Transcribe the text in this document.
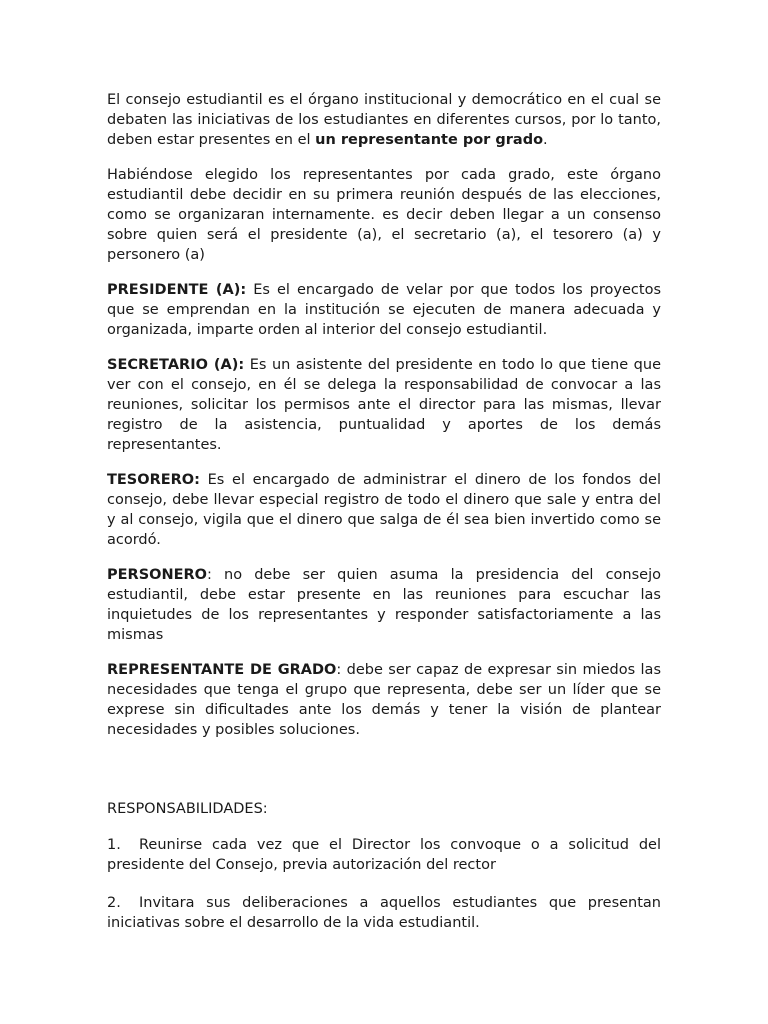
El consejo estudiantil es el órgano institucional y democrático en el cual se debaten las iniciativas de los estudiantes en diferentes cursos, por lo tanto, deben estar presentes en el un representante por grado.

Habiéndose elegido los representantes por cada grado, este órgano estudiantil debe decidir en su primera reunión después de las elecciones, como se organizaran internamente. es decir deben llegar a un consenso sobre quien será el presidente (a), el secretario (a), el tesorero (a) y personero (a)

PRESIDENTE (A): Es el encargado de velar por que todos los proyectos que se emprendan en la institución se ejecuten de manera adecuada y organizada, imparte orden al interior del consejo estudiantil.

SECRETARIO (A): Es un asistente del presidente en todo lo que tiene que ver con el consejo, en él se delega la responsabilidad de convocar a las reuniones, solicitar los permisos ante el director para las mismas, llevar registro de la asistencia, puntualidad y aportes de los demás representantes.

TESORERO: Es el encargado de administrar el dinero de los fondos del consejo, debe llevar especial registro de todo el dinero que sale y entra del y al consejo, vigila que el dinero que salga de él sea bien invertido como se acordó.

PERSONERO: no debe ser quien asuma la presidencia del consejo estudiantil, debe estar presente en las reuniones para escuchar las inquietudes de los representantes y responder satisfactoriamente a las mismas

REPRESENTANTE DE GRADO: debe ser capaz de expresar sin miedos las necesidades que tenga el grupo que representa, debe ser un líder que se exprese sin dificultades ante los demás y tener la visión de plantear necesidades y posibles soluciones.

RESPONSABILIDADES:

1. Reunirse cada vez que el Director los convoque o a solicitud del presidente del Consejo, previa autorización del rector

2. Invitara sus deliberaciones a aquellos estudiantes que presentan iniciativas sobre el desarrollo de la vida estudiantil.
